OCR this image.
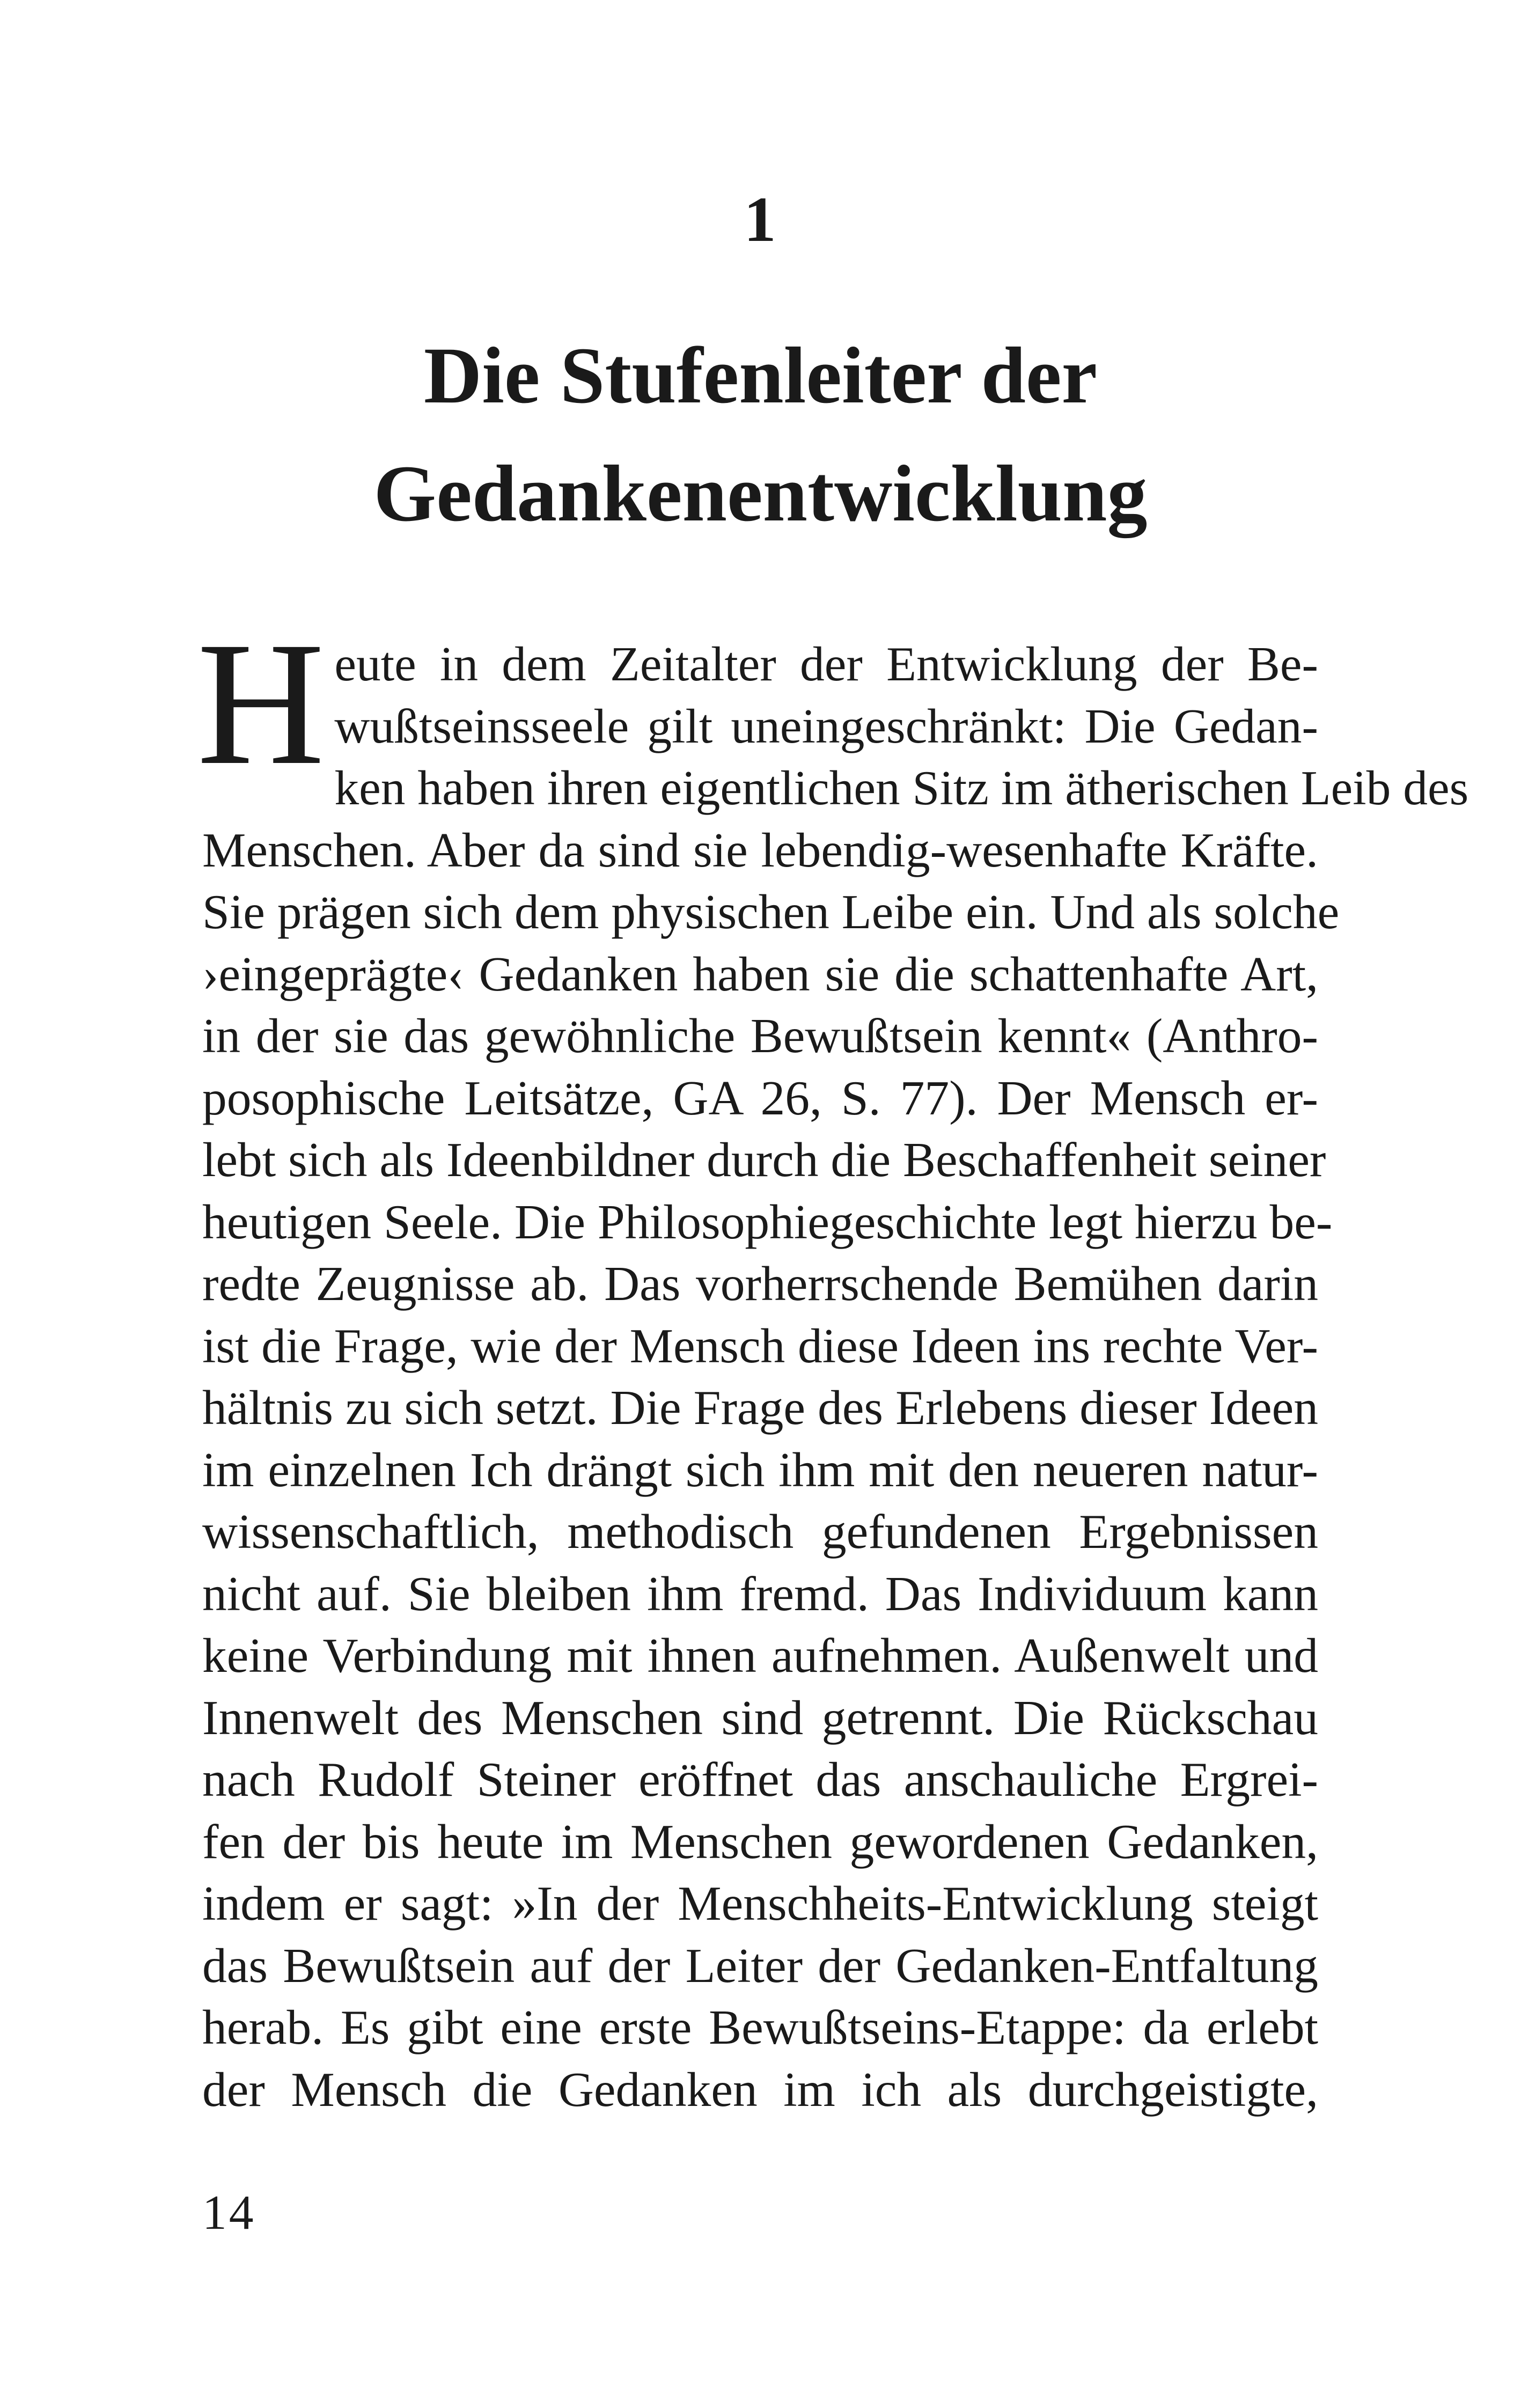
1
Die Stufenleiter der
Gedankenentwicklung
H eute in dem Zeitalter der Entwicklung der Be-
wußtseinsseele gilt uneingeschränkt: Die Gedan-
ken haben ihren eigentlichen Sitz im ätherischen Leib des
Menschen. Aber da sind sie lebendig-wesenhafte Kräfte.
Sie prägen sich dem physischen Leibe ein. Und als solche
›eingeprägte‹ Gedanken haben sie die schattenhafte Art,
in der sie das gewöhnliche Bewußtsein kennt« (Anthro-
posophische Leitsätze, GA 26, S. 77). Der Mensch er-
lebt sich als Ideenbildner durch die Beschaffenheit seiner
heutigen Seele. Die Philosophiegeschichte legt hierzu be-
redte Zeugnisse ab. Das vorherrschende Bemühen darin
ist die Frage, wie der Mensch diese Ideen ins rechte Ver-
hältnis zu sich setzt. Die Frage des Erlebens dieser Ideen
im einzelnen Ich drängt sich ihm mit den neueren natur-
wissenschaftlich, methodisch gefundenen Ergebnissen
nicht auf. Sie bleiben ihm fremd. Das Individuum kann
keine Verbindung mit ihnen aufnehmen. Außenwelt und
Innenwelt des Menschen sind getrennt. Die Rückschau
nach Rudolf Steiner eröffnet das anschauliche Ergrei-
fen der bis heute im Menschen gewordenen Gedanken,
indem er sagt: »In der Menschheits-Entwicklung steigt
das Bewußtsein auf der Leiter der Gedanken-Entfaltung
herab. Es gibt eine erste Bewußtseins-Etappe: da erlebt
der Mensch die Gedanken im ich als durchgeistigte,
14
